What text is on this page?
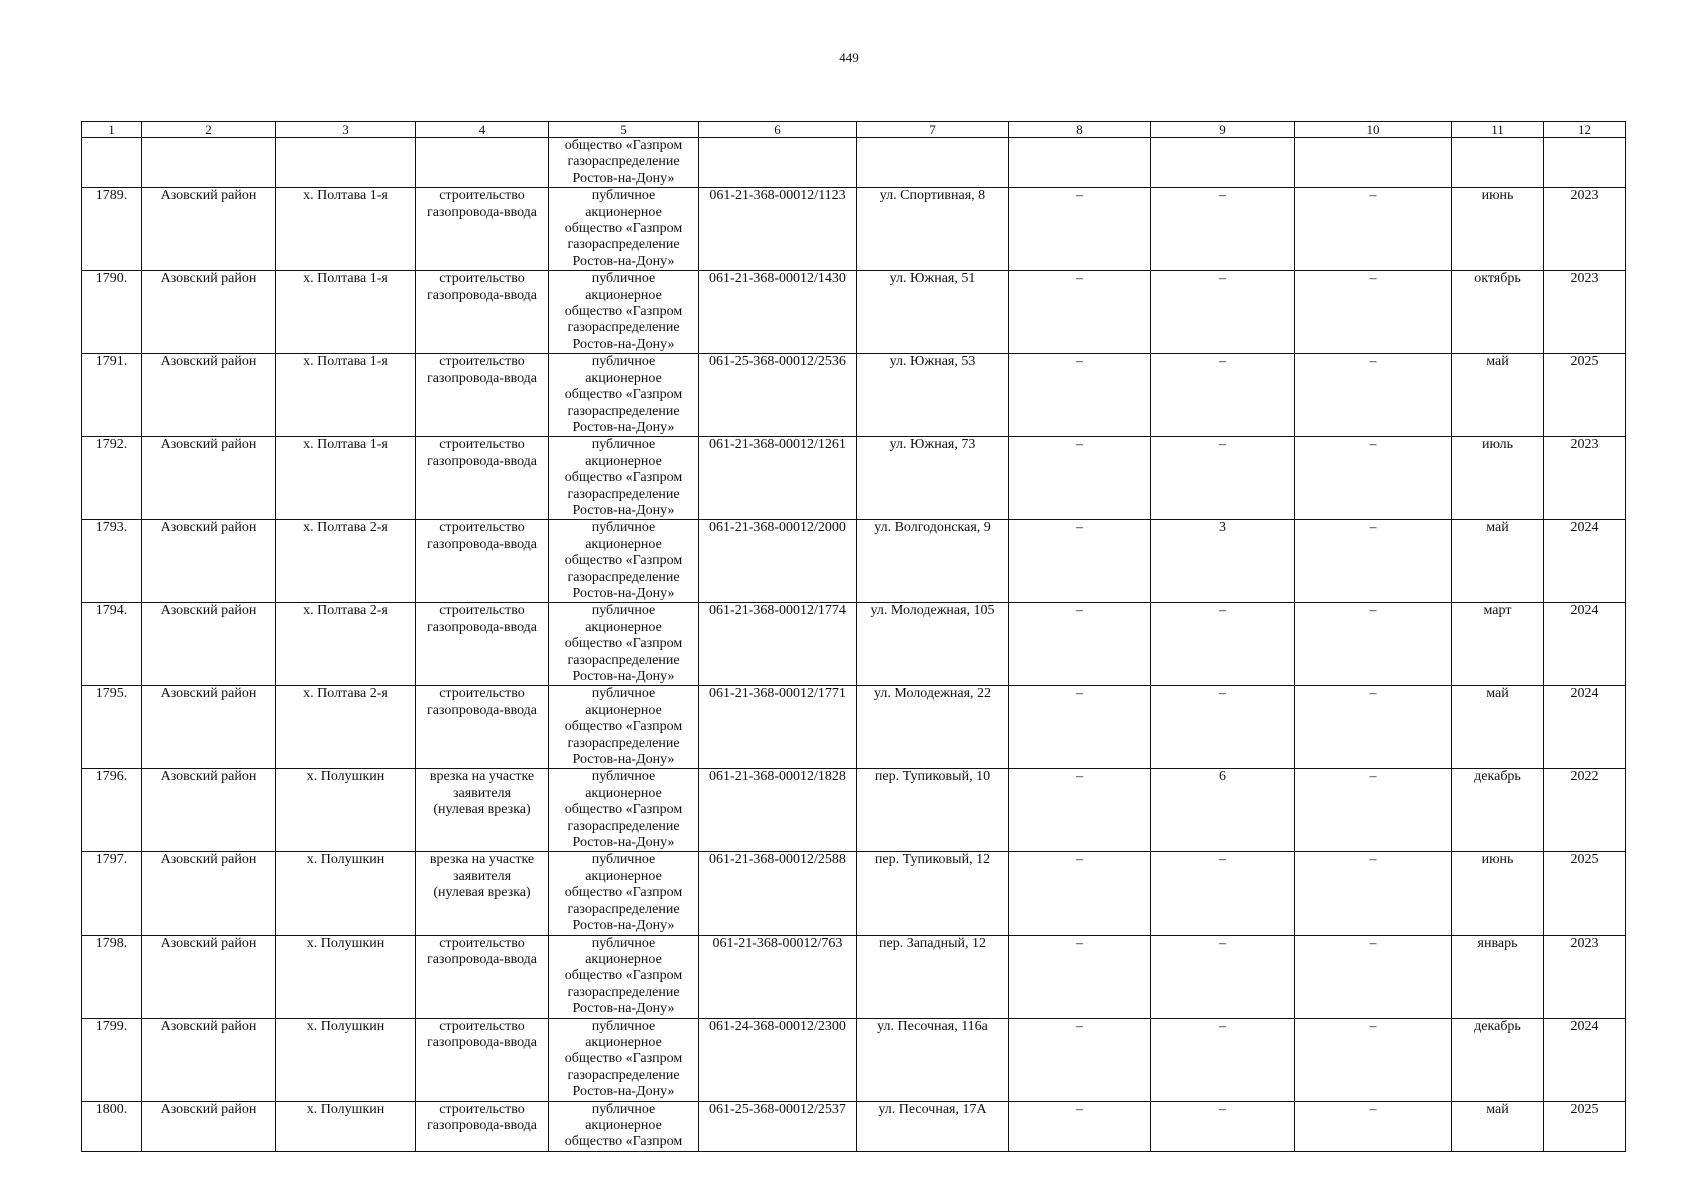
449
1	2	3	4	5	6	7	8	9	10	11	12
				общество «Газпром
газораспределение
Ростов-на-Дону»							
1789.	Азовский район	х. Полтава 1-я	строительство
газопровода-ввода	публичное
акционерное
общество «Газпром
газораспределение
Ростов-на-Дону»	061-21-368-00012/1123	ул. Спортивная, 8	–	–	–	июнь	2023
1790.	Азовский район	х. Полтава 1-я	строительство
газопровода-ввода	публичное
акционерное
общество «Газпром
газораспределение
Ростов-на-Дону»	061-21-368-00012/1430	ул. Южная, 51	–	–	–	октябрь	2023
1791.	Азовский район	х. Полтава 1-я	строительство
газопровода-ввода	публичное
акционерное
общество «Газпром
газораспределение
Ростов-на-Дону»	061-25-368-00012/2536	ул. Южная, 53	–	–	–	май	2025
1792.	Азовский район	х. Полтава 1-я	строительство
газопровода-ввода	публичное
акционерное
общество «Газпром
газораспределение
Ростов-на-Дону»	061-21-368-00012/1261	ул. Южная, 73	–	–	–	июль	2023
1793.	Азовский район	х. Полтава 2-я	строительство
газопровода-ввода	публичное
акционерное
общество «Газпром
газораспределение
Ростов-на-Дону»	061-21-368-00012/2000	ул. Волгодонская, 9	–	3	–	май	2024
1794.	Азовский район	х. Полтава 2-я	строительство
газопровода-ввода	публичное
акционерное
общество «Газпром
газораспределение
Ростов-на-Дону»	061-21-368-00012/1774	ул. Молодежная, 105	–	–	–	март	2024
1795.	Азовский район	х. Полтава 2-я	строительство
газопровода-ввода	публичное
акционерное
общество «Газпром
газораспределение
Ростов-на-Дону»	061-21-368-00012/1771	ул. Молодежная, 22	–	–	–	май	2024
1796.	Азовский район	х. Полушкин	врезка на участке
заявителя
(нулевая врезка)	публичное
акционерное
общество «Газпром
газораспределение
Ростов-на-Дону»	061-21-368-00012/1828	пер. Тупиковый, 10	–	6	–	декабрь	2022
1797.	Азовский район	х. Полушкин	врезка на участке
заявителя
(нулевая врезка)	публичное
акционерное
общество «Газпром
газораспределение
Ростов-на-Дону»	061-21-368-00012/2588	пер. Тупиковый, 12	–	–	–	июнь	2025
1798.	Азовский район	х. Полушкин	строительство
газопровода-ввода	публичное
акционерное
общество «Газпром
газораспределение
Ростов-на-Дону»	061-21-368-00012/763	пер. Западный, 12	–	–	–	январь	2023
1799.	Азовский район	х. Полушкин	строительство
газопровода-ввода	публичное
акционерное
общество «Газпром
газораспределение
Ростов-на-Дону»	061-24-368-00012/2300	ул. Песочная, 116а	–	–	–	декабрь	2024
1800.	Азовский район	х. Полушкин	строительство
газопровода-ввода	публичное
акционерное
общество «Газпром	061-25-368-00012/2537	ул. Песочная, 17А	–	–	–	май	2025
